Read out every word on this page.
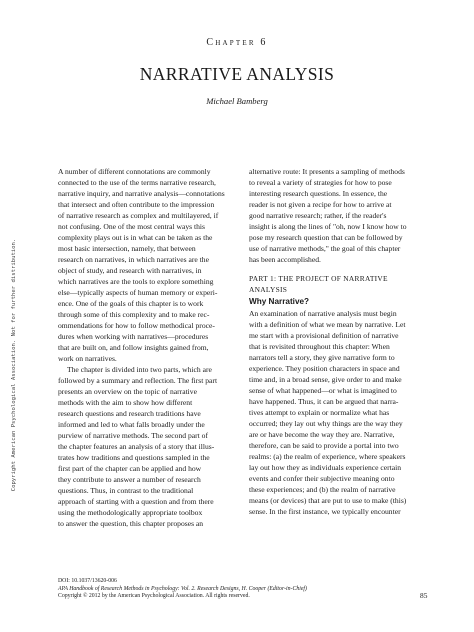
Chapter 6
NARRATIVE ANALYSIS
Michael Bamberg
Copyright American Psychological Association. Not for further distribution.
A number of different connotations are commonly
connected to the use of the terms narrative research,
narrative inquiry, and narrative analysis—connotations
that intersect and often contribute to the impression
of narrative research as complex and multilayered, if
not confusing. One of the most central ways this
complexity plays out is in what can be taken as the
most basic intersection, namely, that between
research on narratives, in which narratives are the
object of study, and research with narratives, in
which narratives are the tools to explore something
else—typically aspects of human memory or experi-
ence. One of the goals of this chapter is to work
through some of this complexity and to make rec-
ommendations for how to follow methodical proce-
dures when working with narratives—procedures
that are built on, and follow insights gained from,
work on narratives.
The chapter is divided into two parts, which are
followed by a summary and reflection. The first part
presents an overview on the topic of narrative
methods with the aim to show how different
research questions and research traditions have
informed and led to what falls broadly under the
purview of narrative methods. The second part of
the chapter features an analysis of a story that illus-
trates how traditions and questions sampled in the
first part of the chapter can be applied and how
they contribute to answer a number of research
questions. Thus, in contrast to the traditional
approach of starting with a question and from there
using the methodologically appropriate toolbox
to answer the question, this chapter proposes an
alternative route: It presents a sampling of methods
to reveal a variety of strategies for how to pose
interesting research questions. In essence, the
reader is not given a recipe for how to arrive at
good narrative research; rather, if the reader's
insight is along the lines of "oh, now I know how to
pose my research question that can be followed by
use of narrative methods," the goal of this chapter
has been accomplished.
PART 1: THE PROJECT OF NARRATIVE
ANALYSIS
Why Narrative?
An examination of narrative analysis must begin
with a definition of what we mean by narrative. Let
me start with a provisional definition of narrative
that is revisited throughout this chapter: When
narrators tell a story, they give narrative form to
experience. They position characters in space and
time and, in a broad sense, give order to and make
sense of what happened—or what is imagined to
have happened. Thus, it can be argued that narra-
tives attempt to explain or normalize what has
occurred; they lay out why things are the way they
are or have become the way they are. Narrative,
therefore, can be said to provide a portal into two
realms: (a) the realm of experience, where speakers
lay out how they as individuals experience certain
events and confer their subjective meaning onto
these experiences; and (b) the realm of narrative
means (or devices) that are put to use to make (this)
sense. In the first instance, we typically encounter
DOI: 10.1037/13620-006
APA Handbook of Research Methods in Psychology: Vol. 2. Research Designs, H. Cooper (Editor-in-Chief)
Copyright © 2012 by the American Psychological Association. All rights reserved.	85
